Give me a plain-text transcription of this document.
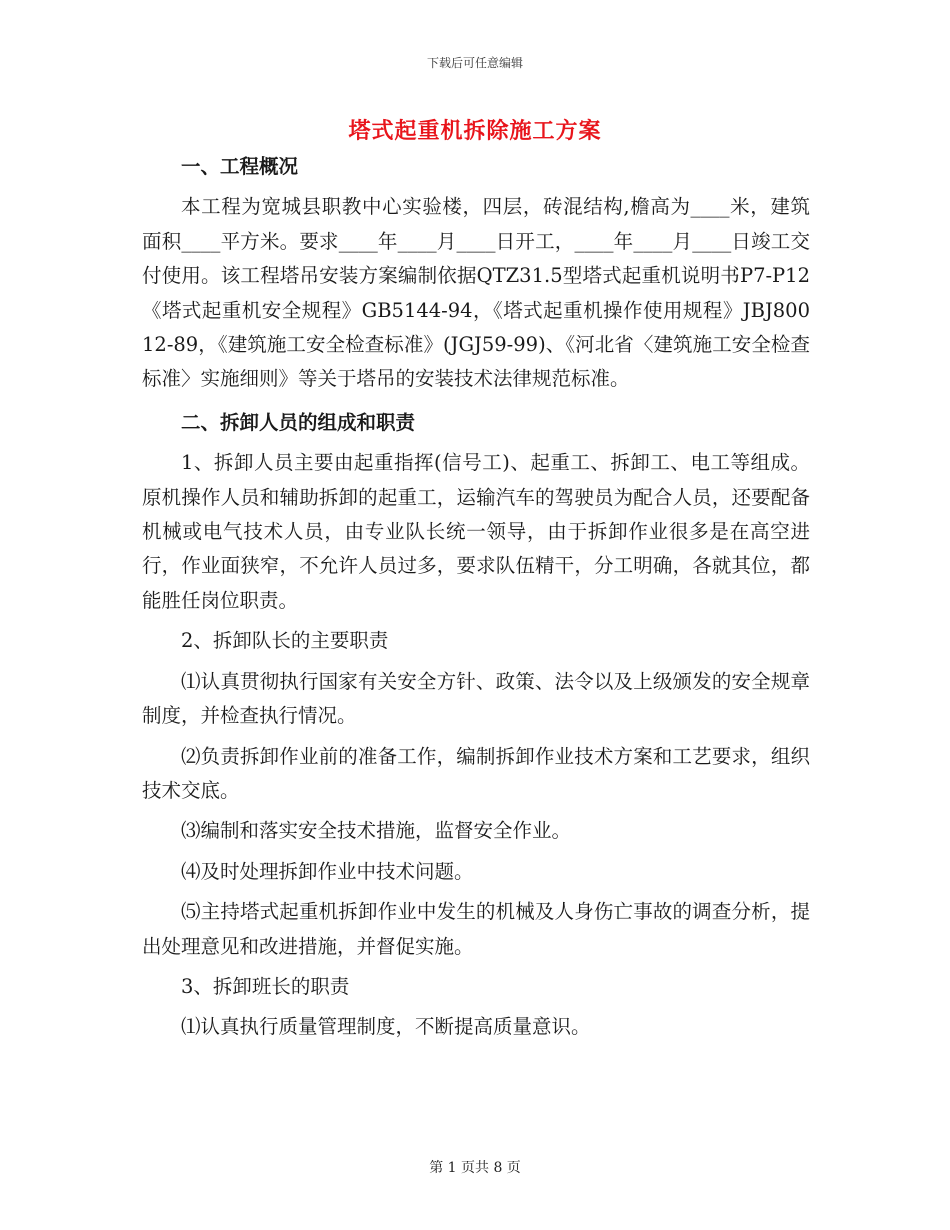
下载后可任意编辑
塔式起重机拆除施工方案

一、工程概况

本工程为宽城县职教中心实验楼，四层，砖混结构,檐高为____米，建筑面积____平方米。要求____年____月____日开工，____年____月____日竣工交付使用。该工程塔吊安装方案编制依据QTZ31.5型塔式起重机说明书P7-P12《塔式起重机安全规程》GB5144-94，《塔式起重机操作使用规程》JBJ80012-89，《建筑施工安全检查标准》(JGJ59-99)、《河北省〈建筑施工安全检查标准〉实施细则》等关于塔吊的安装技术法律规范标准。

二、拆卸人员的组成和职责

1、拆卸人员主要由起重指挥(信号工)、起重工、拆卸工、电工等组成。原机操作人员和辅助拆卸的起重工，运输汽车的驾驶员为配合人员，还要配备机械或电气技术人员，由专业队长统一领导，由于拆卸作业很多是在高空进行，作业面狭窄，不允许人员过多，要求队伍精干，分工明确，各就其位，都能胜任岗位职责。

2、拆卸队长的主要职责

⑴认真贯彻执行国家有关安全方针、政策、法令以及上级颁发的安全规章制度，并检查执行情况。

⑵负责拆卸作业前的准备工作，编制拆卸作业技术方案和工艺要求，组织技术交底。

⑶编制和落实安全技术措施，监督安全作业。

⑷及时处理拆卸作业中技术问题。

⑸主持塔式起重机拆卸作业中发生的机械及人身伤亡事故的调查分析，提出处理意见和改进措施，并督促实施。

3、拆卸班长的职责

⑴认真执行质量管理制度，不断提高质量意识。

第 1 页共 8 页
